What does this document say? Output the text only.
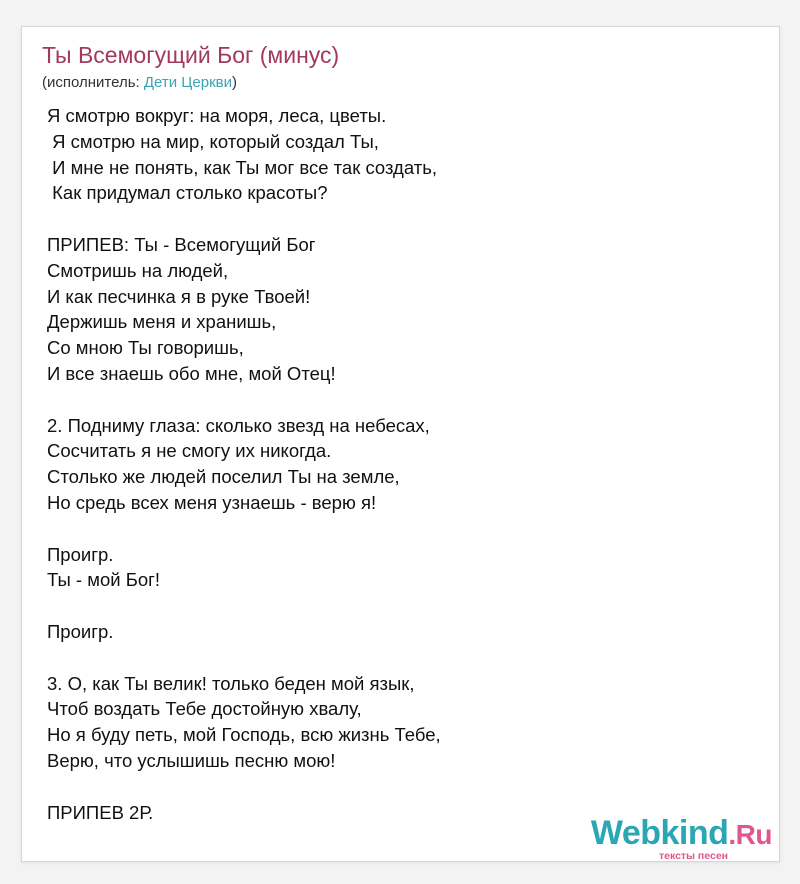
Ты Всемогущий Бог (минус)
(исполнитель: Дети Церкви)
Я смотрю вокруг: на моря, леса, цветы.
Я смотрю на мир, который создал Ты,
И мне не понять, как Ты мог все так создать,
Как придумал столько красоты?
ПРИПЕВ: Ты - Всемогущий Бог
Смотришь на людей,
И как песчинка я в руке Твоей!
Держишь меня и хранишь,
Со мною Ты говоришь,
И все знаешь обо мне, мой Отец!
2. Подниму глаза: сколько звезд на небесах,
Сосчитать я не смогу их никогда.
Столько же людей поселил Ты на земле,
Но средь всех меня узнаешь - верю я!
Проигр.
Ты - мой Бог!
Проигр.
3. О, как Ты велик! только беден мой язык,
Чтоб воздать Тебе достойную хвалу,
Но я буду петь, мой Господь, всю жизнь Тебе,
Верю, что услышишь песню мою!
ПРИПЕВ 2Р.
Webkind.Ru
тексты песен
